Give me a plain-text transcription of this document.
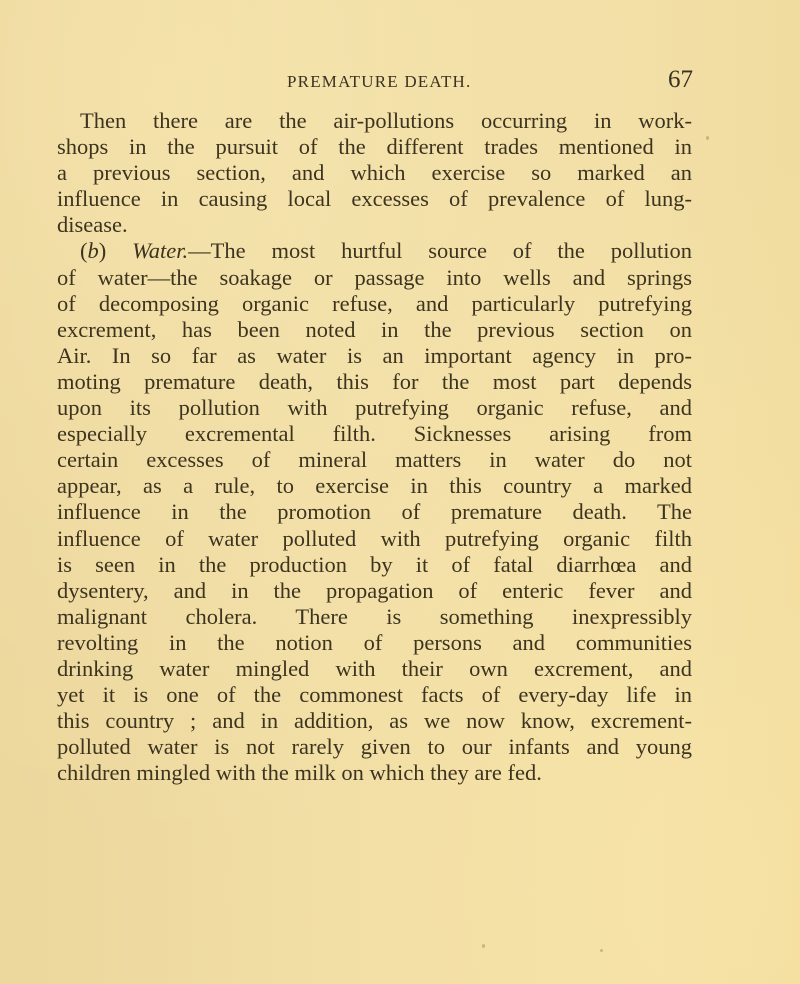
PREMATURE DEATH.	67
Then there are the air-pollutions occurring in work-
shops in the pursuit of the different trades mentioned in
a previous section, and which exercise so marked an
influence in causing local excesses of prevalence of lung-
disease.
(b) Water.—The most hurtful source of the pollution
of water—the soakage or passage into wells and springs
of decomposing organic refuse, and particularly putrefying
excrement, has been noted in the previous section on
Air. In so far as water is an important agency in pro-
moting premature death, this for the most part depends
upon its pollution with putrefying organic refuse, and
especially excremental filth. Sicknesses arising from
certain excesses of mineral matters in water do not
appear, as a rule, to exercise in this country a marked
influence in the promotion of premature death. The
influence of water polluted with putrefying organic filth
is seen in the production by it of fatal diarrhœa and
dysentery, and in the propagation of enteric fever and
malignant cholera. There is something inexpressibly
revolting in the notion of persons and communities
drinking water mingled with their own excrement, and
yet it is one of the commonest facts of every-day life in
this country ; and in addition, as we now know, excrement-
polluted water is not rarely given to our infants and young
children mingled with the milk on which they are fed.
